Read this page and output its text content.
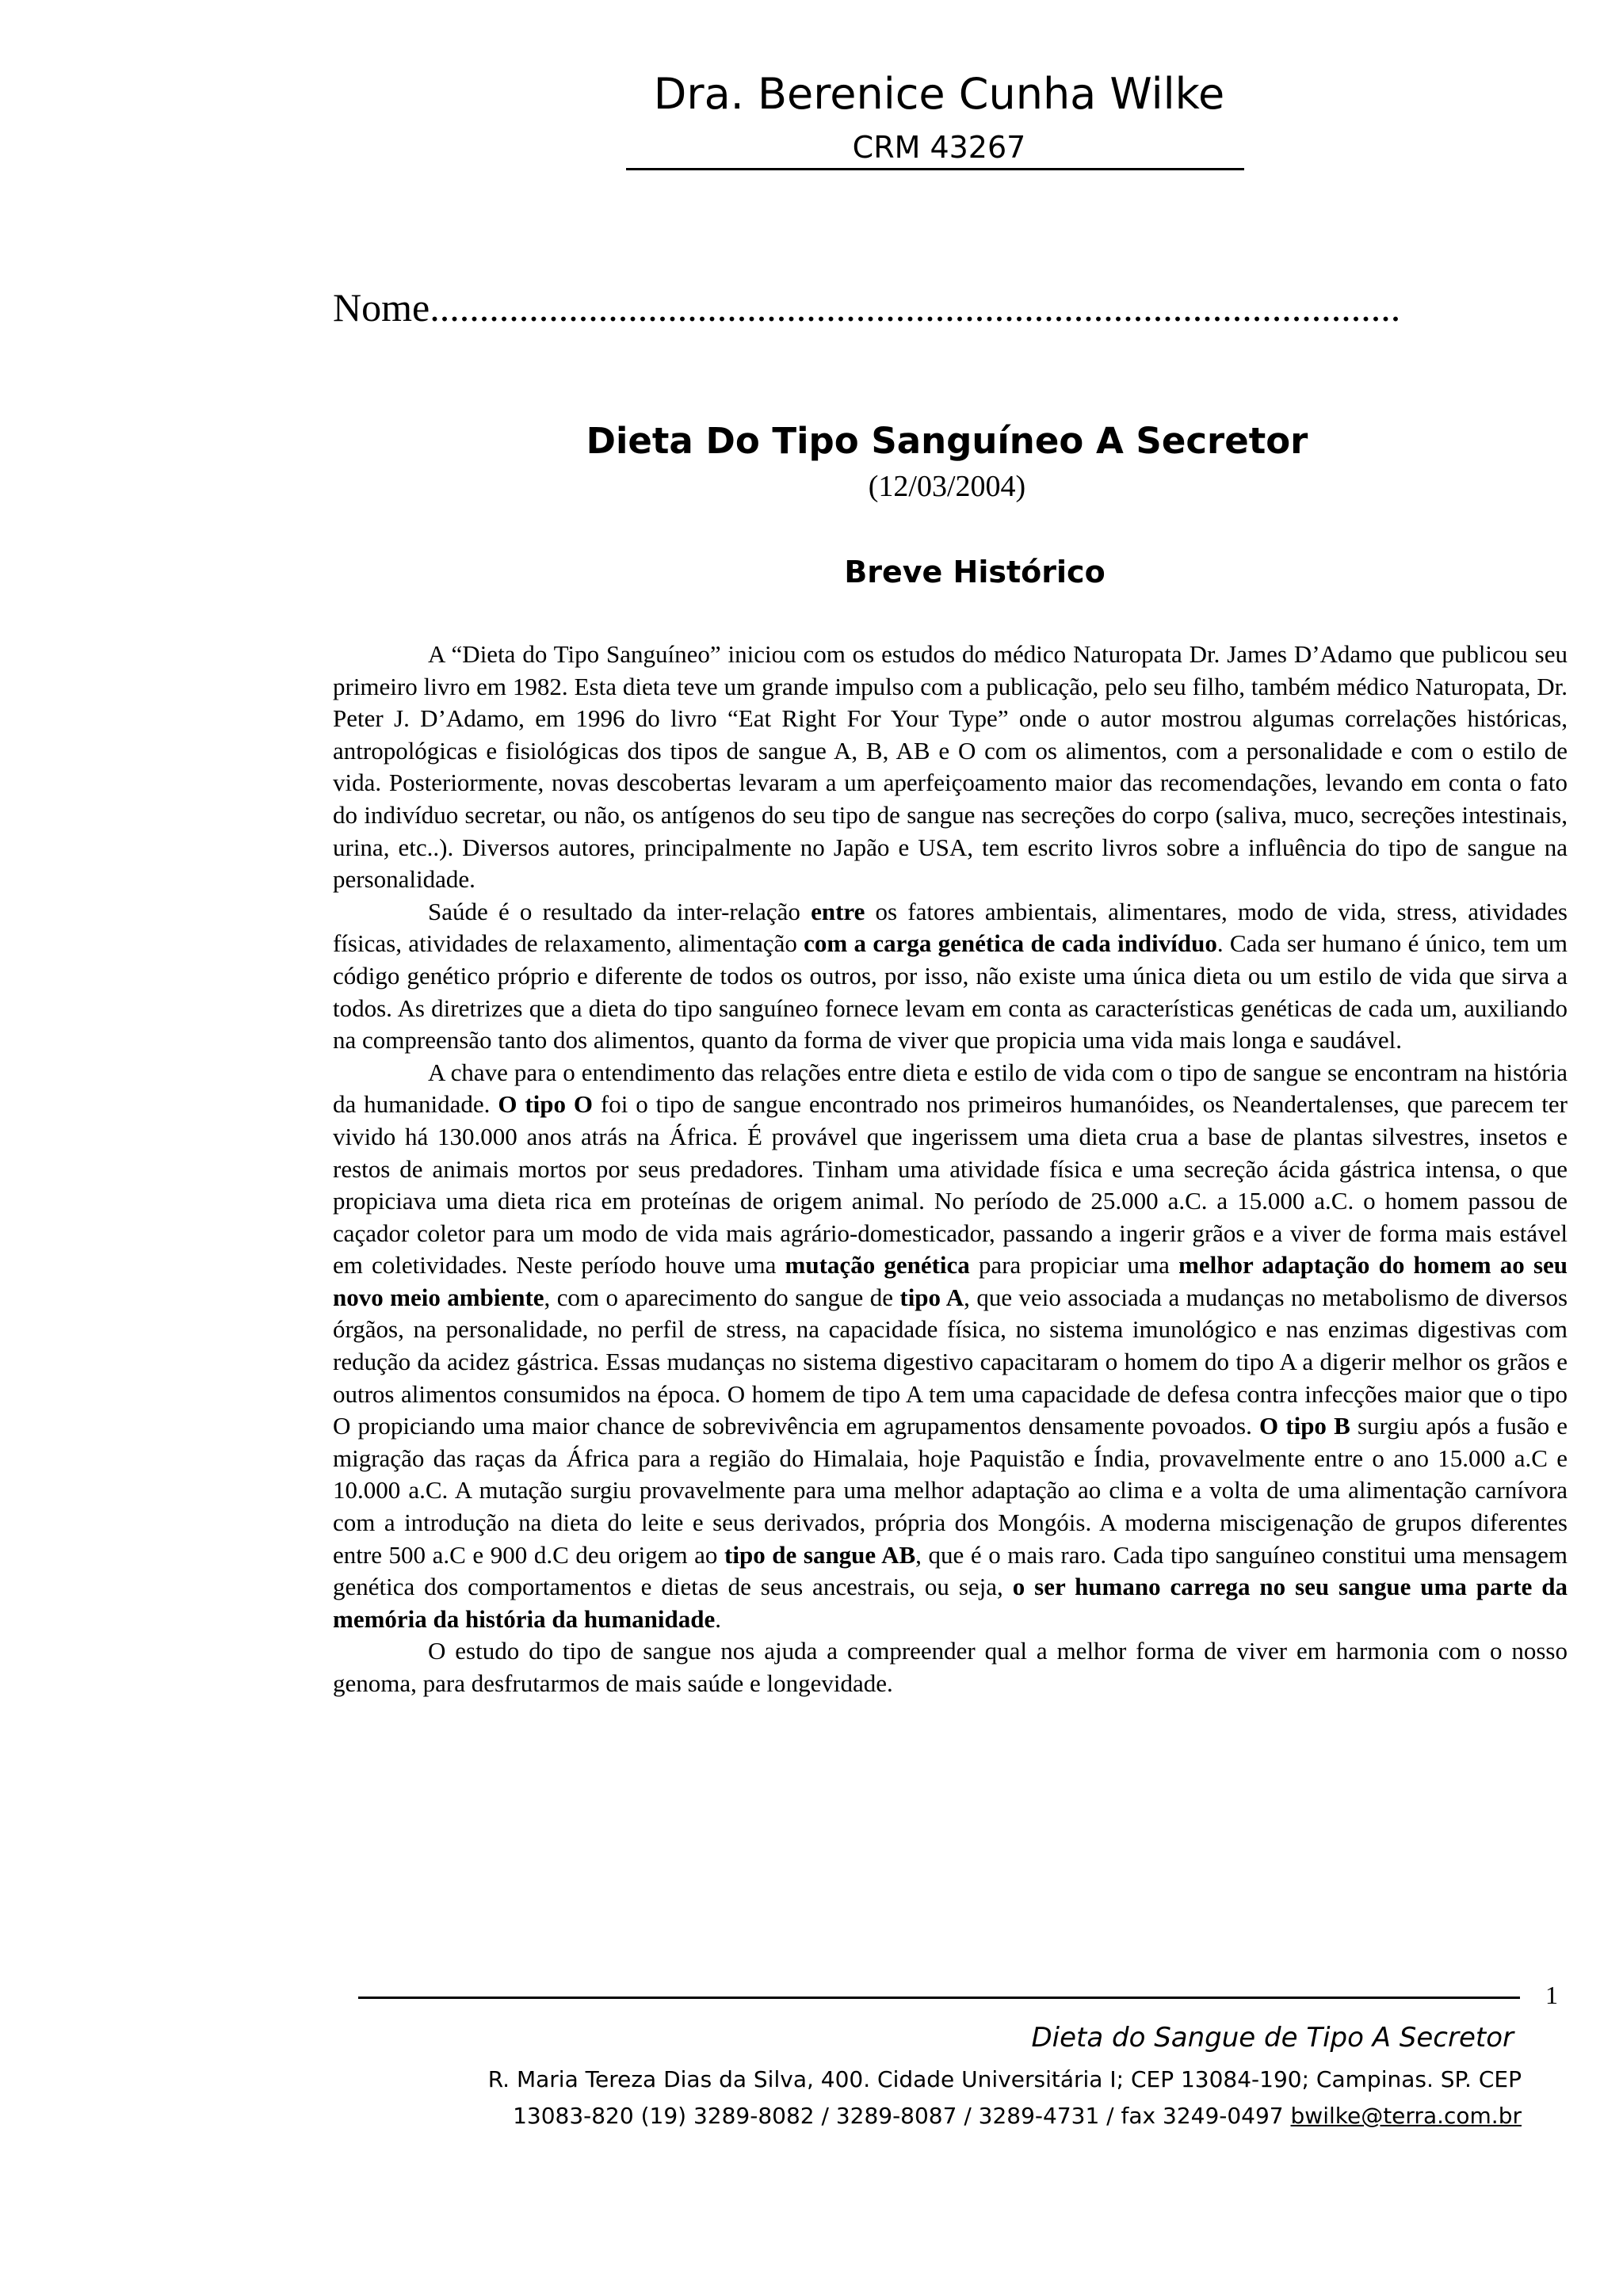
Dra. Berenice Cunha Wilke
CRM 43267
Nome..................................................................................................
Dieta Do Tipo Sanguíneo A Secretor
(12/03/2004)
Breve Histórico

A “Dieta do Tipo Sanguíneo” iniciou com os estudos do médico Naturopata Dr. James D’Adamo que publicou seu primeiro livro em 1982. Esta dieta teve um grande impulso com a publicação, pelo seu filho, também médico Naturopata, Dr. Peter J. D’Adamo, em 1996 do livro “Eat Right For Your Type” onde o autor mostrou algumas correlações históricas, antropológicas e fisiológicas dos tipos de sangue A, B, AB e O com os alimentos, com a personalidade e com o estilo de vida. Posteriormente, novas descobertas levaram a um aperfeiçoamento maior das recomendações, levando em conta o fato do indivíduo secretar, ou não, os antígenos do seu tipo de sangue nas secreções do corpo (saliva, muco, secreções intestinais, urina, etc..). Diversos autores, principalmente no Japão e USA, tem escrito livros sobre a influência do tipo de sangue na personalidade.

Saúde é o resultado da inter-relação entre os fatores ambientais, alimentares, modo de vida, stress, atividades físicas, atividades de relaxamento, alimentação com a carga genética de cada indivíduo. Cada ser humano é único, tem um código genético próprio e diferente de todos os outros, por isso, não existe uma única dieta ou um estilo de vida que sirva a todos. As diretrizes que a dieta do tipo sanguíneo fornece levam em conta as características genéticas de cada um, auxiliando na compreensão tanto dos alimentos, quanto da forma de viver que propicia uma vida mais longa e saudável.

A chave para o entendimento das relações entre dieta e estilo de vida com o tipo de sangue se encontram na história da humanidade. O tipo O foi o tipo de sangue encontrado nos primeiros humanóides, os Neandertalenses, que parecem ter vivido há 130.000 anos atrás na África. É provável que ingerissem uma dieta crua a base de plantas silvestres, insetos e restos de animais mortos por seus predadores. Tinham uma atividade física e uma secreção ácida gástrica intensa, o que propiciava uma dieta rica em proteínas de origem animal. No período de 25.000 a.C. a 15.000 a.C. o homem passou de caçador coletor para um modo de vida mais agrário-domesticador, passando a ingerir grãos e a viver de forma mais estável em coletividades. Neste período houve uma mutação genética para propiciar uma melhor adaptação do homem ao seu novo meio ambiente, com o aparecimento do sangue de tipo A, que veio associada a mudanças no metabolismo de diversos órgãos, na personalidade, no perfil de stress, na capacidade física, no sistema imunológico e nas enzimas digestivas com redução da acidez gástrica. Essas mudanças no sistema digestivo capacitaram o homem do tipo A a digerir melhor os grãos e outros alimentos consumidos na época. O homem de tipo A tem uma capacidade de defesa contra infecções maior que o tipo O propiciando uma maior chance de sobrevivência em agrupamentos densamente povoados. O tipo B surgiu após a fusão e migração das raças da África para a região do Himalaia, hoje Paquistão e Índia, provavelmente entre o ano 15.000 a.C e 10.000 a.C. A mutação surgiu provavelmente para uma melhor adaptação ao clima e a volta de uma alimentação carnívora com a introdução na dieta do leite e seus derivados, própria dos Mongóis. A moderna miscigenação de grupos diferentes entre 500 a.C e 900 d.C deu origem ao tipo de sangue AB, que é o mais raro. Cada tipo sanguíneo constitui uma mensagem genética dos comportamentos e dietas de seus ancestrais, ou seja, o ser humano carrega no seu sangue uma parte da memória da história da humanidade.

O estudo do tipo de sangue nos ajuda a compreender qual a melhor forma de viver em harmonia com o nosso genoma, para desfrutarmos de mais saúde e longevidade.

1
Dieta do Sangue de Tipo A Secretor
R. Maria Tereza Dias da Silva, 400. Cidade Universitária I; CEP 13084-190; Campinas. SP. CEP
13083-820 (19) 3289-8082 / 3289-8087 / 3289-4731 / fax 3249-0497 bwilke@terra.com.br
